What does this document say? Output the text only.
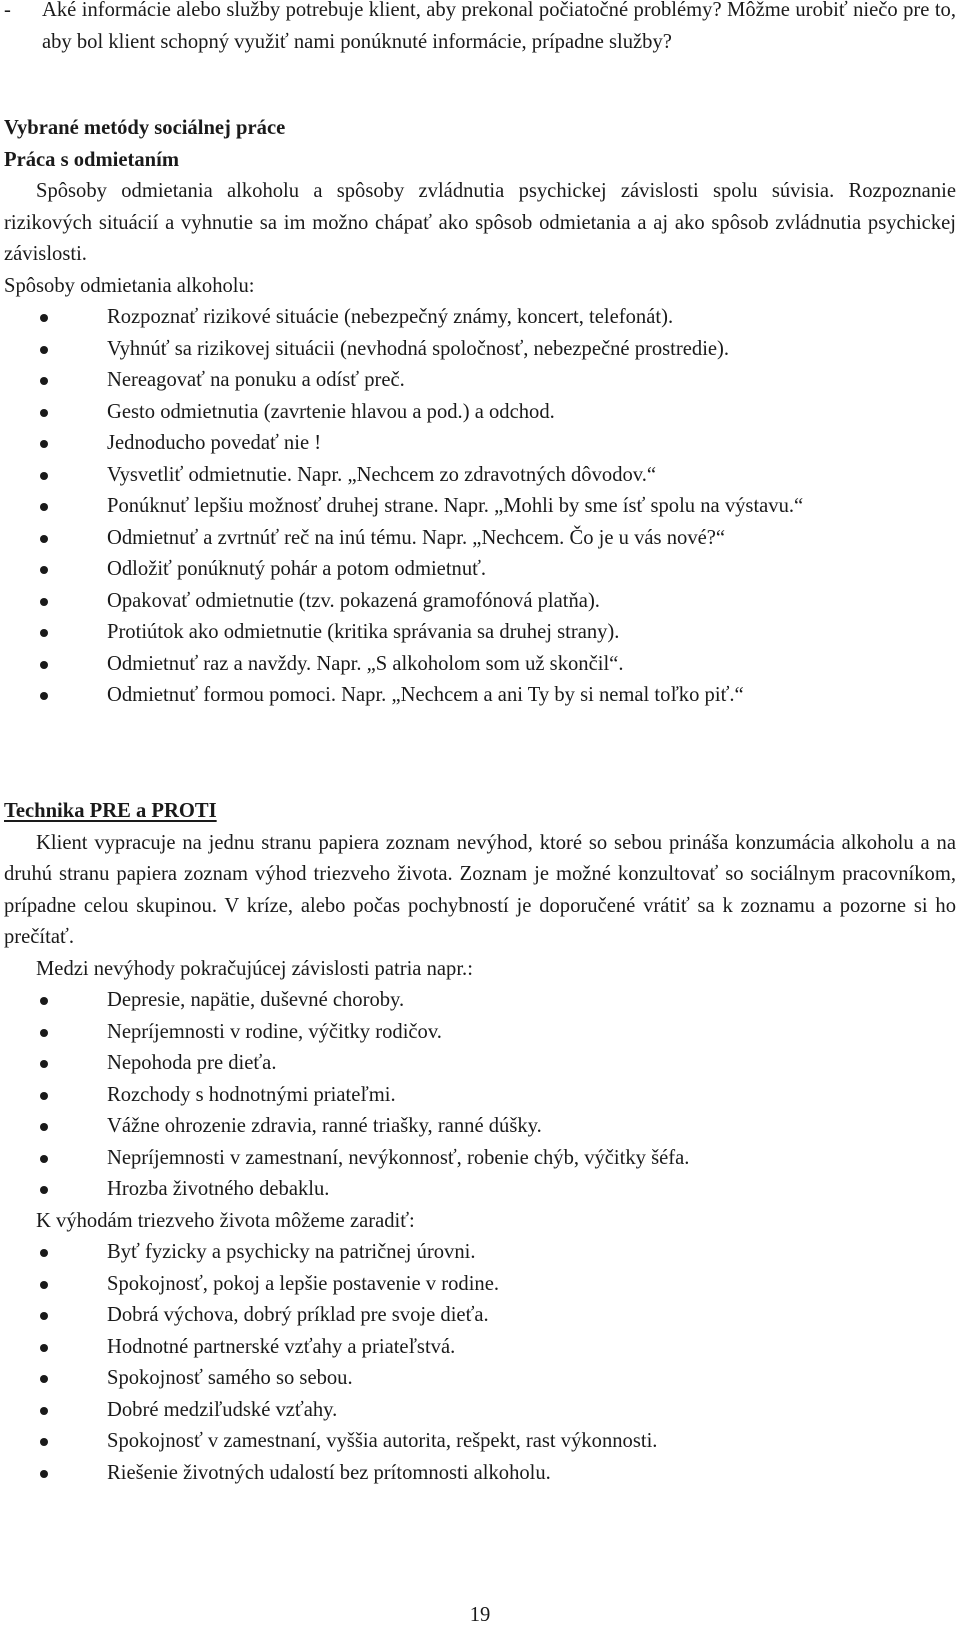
- Aké informácie alebo služby potrebuje klient, aby prekonal počiatočné problémy? Môžme urobiť niečo pre to, aby bol klient schopný využiť nami ponúknuté informácie, prípadne služby?
Vybrané metódy sociálnej práce
Práca s odmietaním
Spôsoby odmietania alkoholu a spôsoby zvládnutia psychickej závislosti spolu súvisia. Rozpoznanie rizikových situácií a vyhnutie sa im možno chápať ako spôsob odmietania a aj ako spôsob zvládnutia psychickej závislosti.
Spôsoby odmietania alkoholu:
Rozpoznať rizikové situácie (nebezpečný známy, koncert, telefonát).
Vyhnúť sa rizikovej situácii (nevhodná spoločnosť, nebezpečné prostredie).
Nereagovať na ponuku a odísť preč.
Gesto odmietnutia (zavrtenie hlavou a pod.) a odchod.
Jednoducho povedať nie !
Vysvetliť odmietnutie. Napr. „Nechcem zo zdravotných dôvodov.“
Ponúknuť lepšiu možnosť druhej strane. Napr. „Mohli by sme ísť spolu na výstavu.“
Odmietnuť a zvrtnúť reč na inú tému. Napr. „Nechcem. Čo je u vás nové?“
Odložiť ponúknutý pohár a potom odmietnuť.
Opakovať odmietnutie (tzv. pokazená gramofónová platňa).
Protiútok ako odmietnutie (kritika správania sa druhej strany).
Odmietnuť raz a navždy. Napr. „S alkoholom som už skončil“.
Odmietnuť formou pomoci. Napr. „Nechcem a ani Ty by si nemal toľko piť.“
Technika PRE a PROTI
Klient vypracuje na jednu stranu papiera zoznam nevýhod, ktoré so sebou prináša konzumácia alkoholu a na druhú stranu papiera zoznam výhod triezveho života. Zoznam je možné konzultovať so sociálnym pracovníkom, prípadne celou skupinou. V kríze, alebo počas pochybností je doporučené vrátiť sa k zoznamu a pozorne si ho prečítať.
Medzi nevýhody pokračujúcej závislosti patria napr.:
Depresie, napätie, duševné choroby.
Nepríjemnosti v rodine, výčitky rodičov.
Nepohoda pre dieťa.
Rozchody s hodnotnými priateľmi.
Vážne ohrozenie zdravia, ranné triašky, ranné dúšky.
Nepríjemnosti v zamestnaní, nevýkonnosť, robenie chýb, výčitky šéfa.
Hrozba životného debaklu.
K výhodám triezveho života môžeme zaradiť:
Byť fyzicky a psychicky na patričnej úrovni.
Spokojnosť, pokoj a lepšie postavenie v rodine.
Dobrá výchova, dobrý príklad pre svoje dieťa.
Hodnotné partnerské vzťahy a priateľstvá.
Spokojnosť samého so sebou.
Dobré medziľudské vzťahy.
Spokojnosť v zamestnaní, vyššia autorita, rešpekt, rast výkonnosti.
Riešenie životných udalostí bez prítomnosti alkoholu.
19
